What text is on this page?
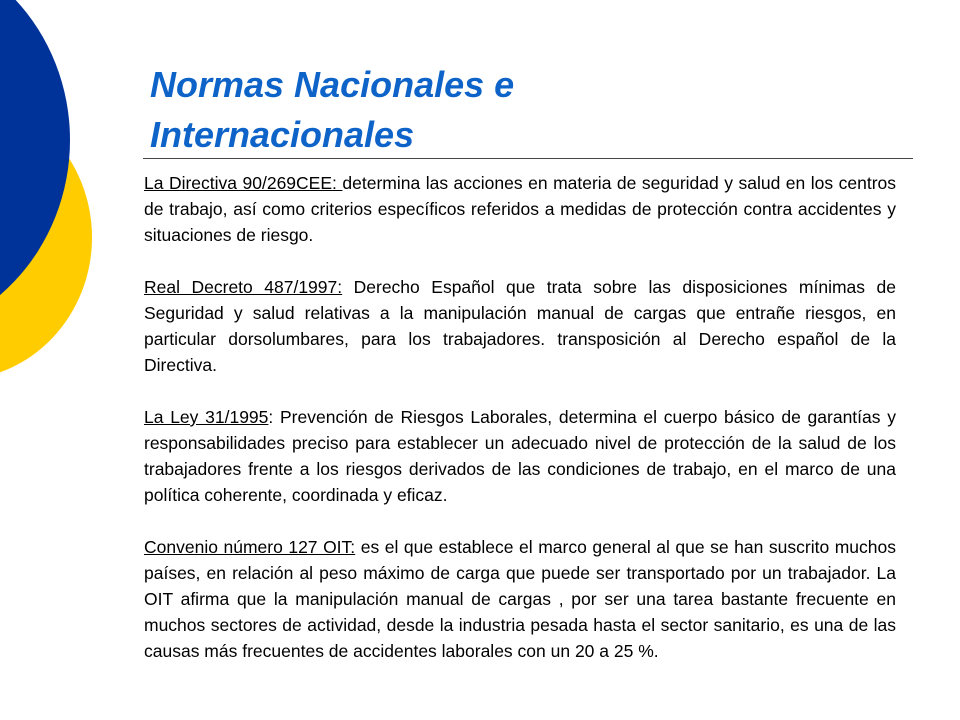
Normas Nacionales e
Internacionales

La Directiva 90/269CEE: determina las acciones en materia de seguridad y salud en los centros de trabajo, así como criterios específicos referidos a medidas de protección contra accidentes y situaciones de riesgo.

Real Decreto 487/1997: Derecho Español que trata sobre las disposiciones mínimas de Seguridad y salud relativas a la manipulación manual de cargas que entrañe riesgos, en particular dorsolumbares, para los trabajadores. transposición al Derecho español de la Directiva.

La Ley 31/1995: Prevención de Riesgos Laborales, determina el cuerpo básico de garantías y responsabilidades preciso para establecer un adecuado nivel de protección de la salud de los trabajadores frente a los riesgos derivados de las condiciones de trabajo, en el marco de una política coherente, coordinada y eficaz.

Convenio número 127 OIT: es el que establece el marco general al que se han suscrito muchos países, en relación al peso máximo de carga que puede ser transportado por un trabajador. La OIT afirma que la manipulación manual de cargas , por ser una tarea bastante frecuente en muchos sectores de actividad, desde la industria pesada hasta el sector sanitario, es una de las causas más frecuentes de accidentes laborales con un 20 a 25 %.
